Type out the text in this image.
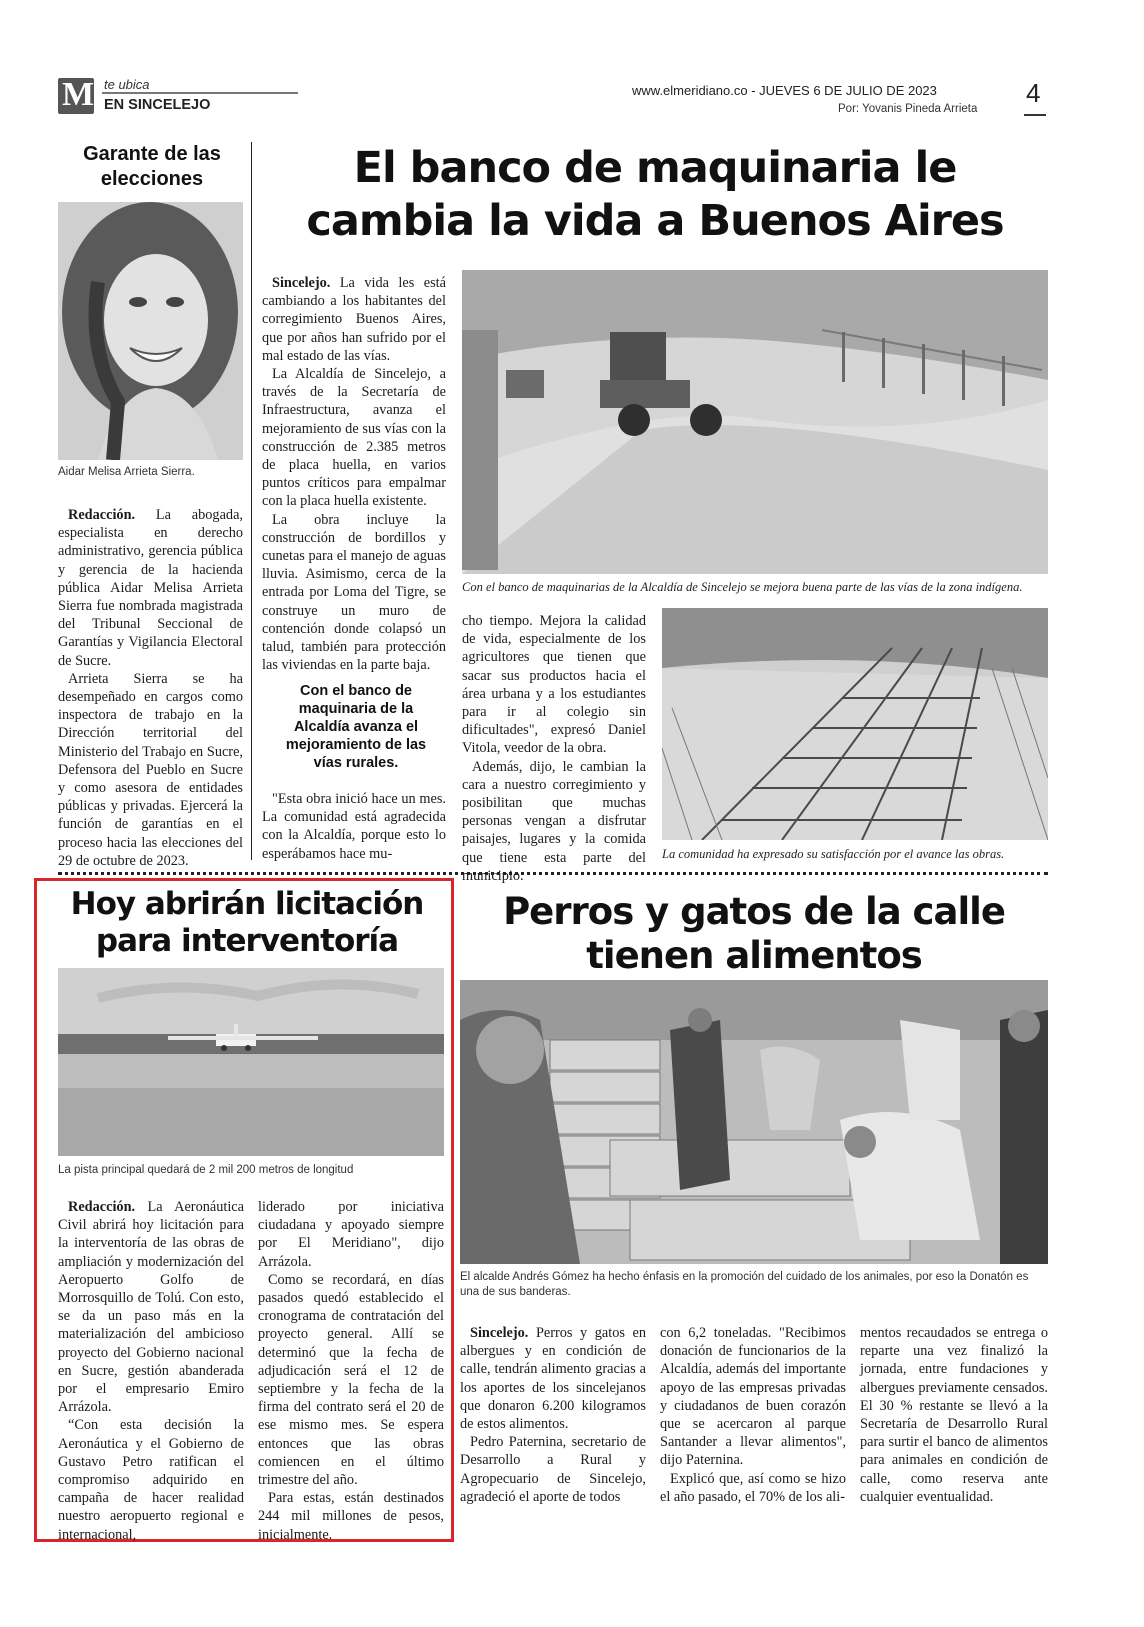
M te ubica
EN SINCELEJO
www.elmeridiano.co - JUEVES 6 DE JULIO DE 2023
Por: Yovanis Pineda Arrieta
4
Garante de las
elecciones
Aidar Melisa Arrieta Sierra.

Redacción. La abogada, especialista en derecho administrativo, gerencia pública y gerencia de la hacienda pública Aidar Melisa Arrieta Sierra fue nombrada magistrada del Tribunal Seccional de Garantías y Vigilancia Electoral de Sucre.

Arrieta Sierra se ha desempeñado en cargos como inspectora de trabajo en la Dirección territorial del Ministerio del Trabajo en Sucre, Defensora del Pueblo en Sucre y como asesora de entidades públicas y privadas. Ejercerá la función de garantías en el proceso hacia las elecciones del 29 de octubre de 2023.

El banco de maquinaria le
cambia la vida a Buenos Aires

Sincelejo. La vida les está cambiando a los habitantes del corregimiento Buenos Aires, que por años han sufrido por el mal estado de las vías.

La Alcaldía de Sincelejo, a través de la Secretaría de Infraestructura, avanza el mejoramiento de sus vías con la construcción de 2.385 metros de placa huella, en varios puntos críticos para empalmar con la placa huella existente.

La obra incluye la construcción de bordillos y cunetas para el manejo de aguas lluvia. Asimismo, cerca de la entrada por Loma del Tigre, se construye un muro de contención donde colapsó un talud, también para protección las viviendas en la parte baja.

Con el banco de maquinaria de la Alcaldía avanza el mejoramiento de las vías rurales.

"Esta obra inició hace un mes. La comunidad está agradecida con la Alcaldía, porque esto lo esperábamos hace mu-

Con el banco de maquinarias de la Alcaldía de Sincelejo se mejora buena parte de las vías de la zona indígena.

cho tiempo. Mejora la calidad de vida, especialmente de los agricultores que tienen que sacar sus productos hacia el área urbana y a los estudiantes para ir al colegio sin dificultades", expresó Daniel Vitola, veedor de la obra.

Además, dijo, le cambian la cara a nuestro corregimiento y posibilitan que muchas personas vengan a disfrutar paisajes, lugares y la comida que tiene esta parte del municipio.

La comunidad ha expresado su satisfacción por el avance las obras.
Hoy abrirán licitación
para interventoría
La pista principal quedará de 2 mil 200 metros de longitud

Redacción. La Aeronáutica Civil abrirá hoy licitación para la interventoría de las obras de ampliación y modernización del Aeropuerto Golfo de Morrosquillo de Tolú. Con esto, se da un paso más en la materialización del ambicioso proyecto del Gobierno nacional en Sucre, gestión abanderada por el empresario Emiro Arrázola.

“Con esta decisión la Aeronáutica y el Gobierno de Gustavo Petro ratifican el compromiso adquirido en campaña de hacer realidad nuestro aeropuerto regional e internacional,

liderado por iniciativa ciudadana y apoyado siempre por El Meridiano", dijo Arrázola.

Como se recordará, en días pasados quedó establecido el cronograma de contratación del proyecto general. Allí se determinó que la fecha de adjudicación será el 12 de septiembre y la fecha de la firma del contrato será el 20 de ese mismo mes. Se espera entonces que las obras comiencen en el último trimestre del año.

Para estas, están destinados 244 mil millones de pesos, inicialmente.

Perros y gatos de la calle
tienen alimentos
El alcalde Andrés Gómez ha hecho énfasis en la promoción del cuidado de los animales, por eso la Donatón es una de sus banderas.

Sincelejo. Perros y gatos en albergues y en condición de calle, tendrán alimento gracias a los aportes de los sincelejanos que donaron 6.200 kilogramos de estos alimentos.

Pedro Paternina, secretario de Desarrollo a Rural y Agropecuario de Sincelejo, agradeció el aporte de todos

con 6,2 toneladas. "Recibimos donación de funcionarios de la Alcaldía, además del importante apoyo de las empresas privadas y ciudadanos de buen corazón que se acercaron al parque Santander a llevar alimentos", dijo Paternina.

Explicó que, así como se hizo el año pasado, el 70% de los ali-

mentos recaudados se entrega o reparte una vez finalizó la jornada, entre fundaciones y albergues previamente censados. El 30 % restante se llevó a la Secretaría de Desarrollo Rural para surtir el banco de alimentos para animales en condición de calle, como reserva ante cualquier eventualidad.
